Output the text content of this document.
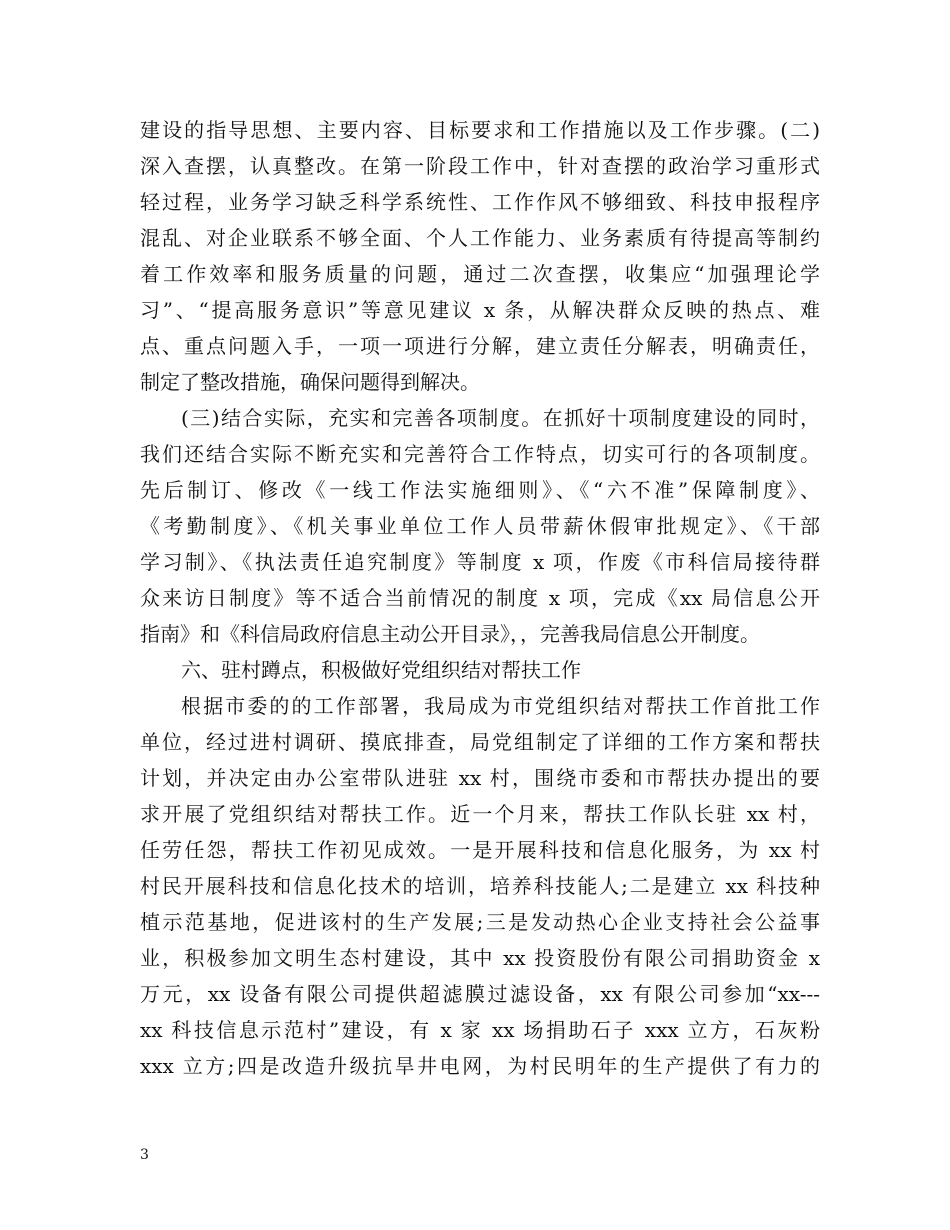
建设的指导思想、主要内容、目标要求和工作措施以及工作步骤。(二)
深入查摆，认真整改。在第一阶段工作中，针对查摆的政治学习重形式
轻过程，业务学习缺乏科学系统性、工作作风不够细致、科技申报程序
混乱、对企业联系不够全面、个人工作能力、业务素质有待提高等制约
着工作效率和服务质量的问题，通过二次查摆，收集应“加强理论学
习”、“提高服务意识”等意见建议 x 条，从解决群众反映的热点、难
点、重点问题入手，一项一项进行分解，建立责任分解表，明确责任，
制定了整改措施，确保问题得到解决。
(三)结合实际，充实和完善各项制度。在抓好十项制度建设的同时，
我们还结合实际不断充实和完善符合工作特点，切实可行的各项制度。
先后制订、修改《一线工作法实施细则》、《“六不准”保障制度》、
《考勤制度》、《机关事业单位工作人员带薪休假审批规定》、《干部
学习制》、《执法责任追究制度》等制度 x 项，作废《市科信局接待群
众来访日制度》等不适合当前情况的制度 x 项，完成《xx 局信息公开
指南》和《科信局政府信息主动公开目录》，，完善我局信息公开制度。
六、驻村蹲点，积极做好党组织结对帮扶工作
根据市委的的工作部署，我局成为市党组织结对帮扶工作首批工作
单位，经过进村调研、摸底排查，局党组制定了详细的工作方案和帮扶
计划，并决定由办公室带队进驻 xx 村，围绕市委和市帮扶办提出的要
求开展了党组织结对帮扶工作。近一个月来，帮扶工作队长驻 xx 村，
任劳任怨，帮扶工作初见成效。一是开展科技和信息化服务，为 xx 村
村民开展科技和信息化技术的培训，培养科技能人;二是建立 xx 科技种
植示范基地，促进该村的生产发展;三是发动热心企业支持社会公益事
业，积极参加文明生态村建设，其中 xx 投资股份有限公司捐助资金 x
万元，xx 设备有限公司提供超滤膜过滤设备，xx 有限公司参加“xx---
xx 科技信息示范村”建设，有 x 家 xx 场捐助石子 xxx 立方，石灰粉
xxx 立方;四是改造升级抗旱井电网，为村民明年的生产提供了有力的
3
